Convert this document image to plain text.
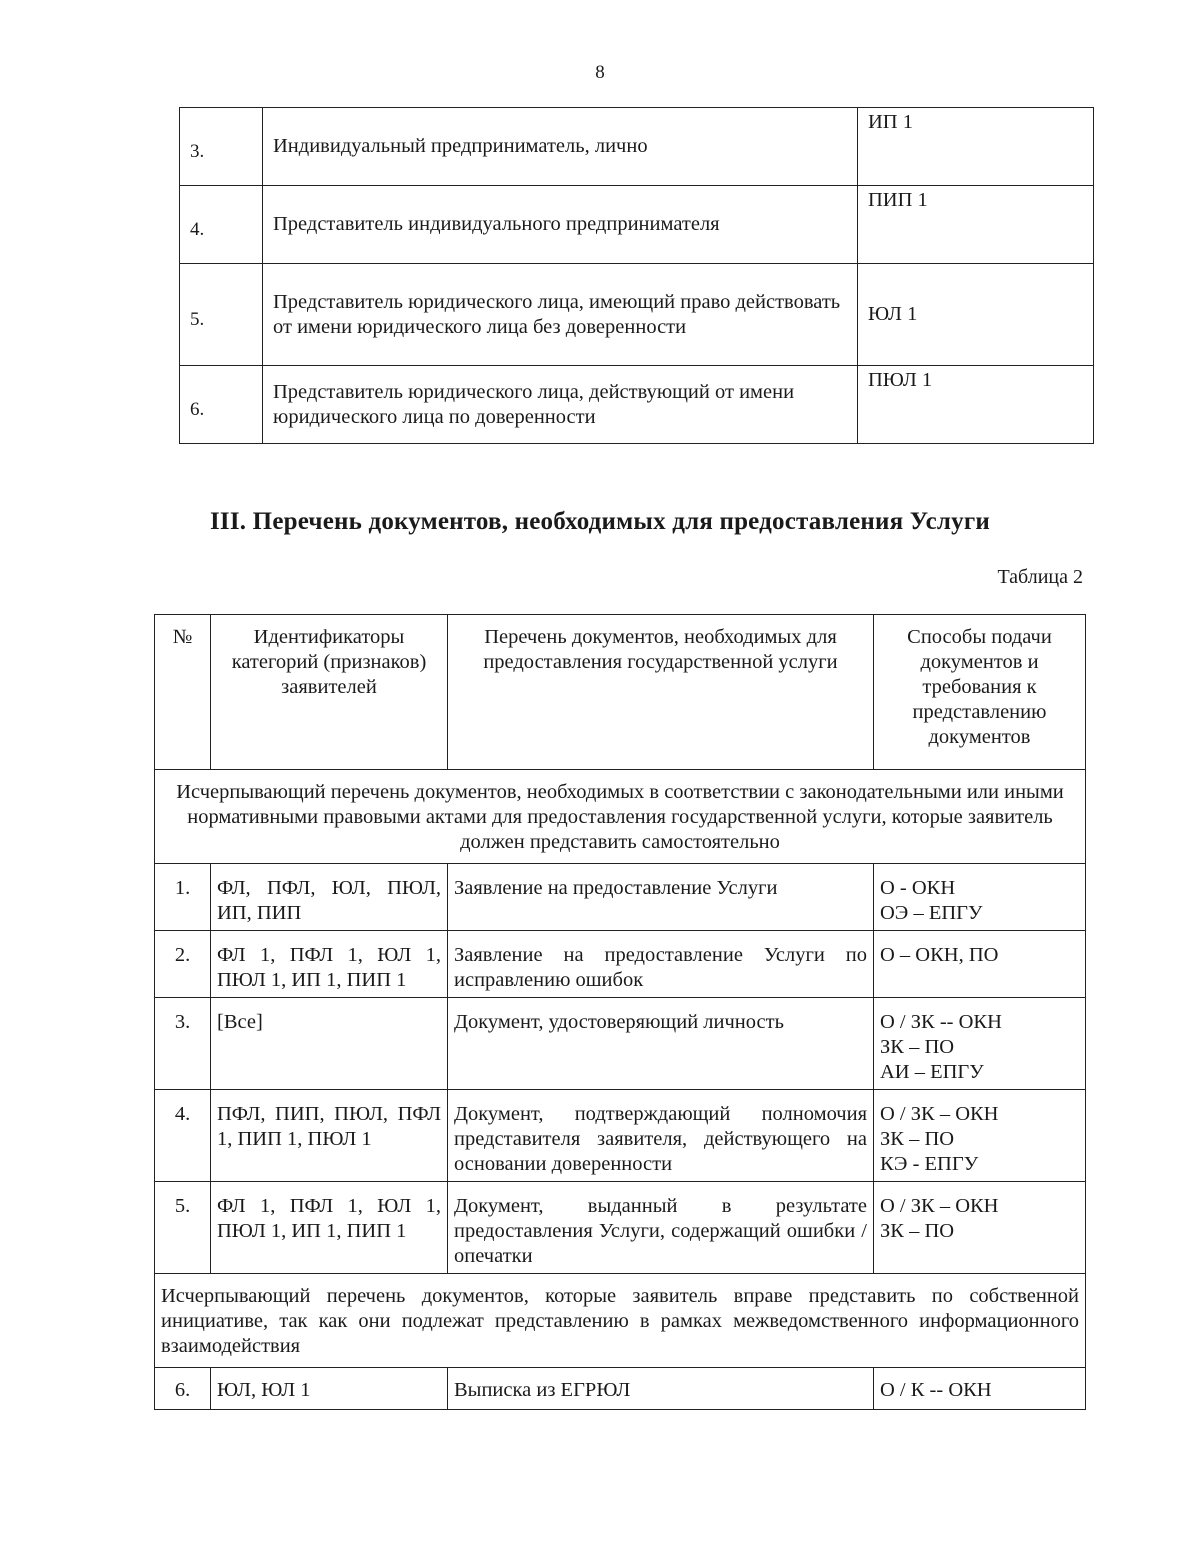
8
3.	Индивидуальный предприниматель, лично	ИП 1
4.	Представитель индивидуального предпринимателя	ПИП 1
5.	Представитель юридического лица, имеющий право действовать от имени юридического лица без доверенности	ЮЛ 1
6.	Представитель юридического лица, действующий от имени юридического лица по доверенности	ПЮЛ 1
III. Перечень документов, необходимых для предоставления Услуги
Таблица 2
№	Идентификаторы категорий (признаков) заявителей	Перечень документов, необходимых для предоставления государственной услуги	Способы подачи документов и требования к представлению документов
Исчерпывающий перечень документов, необходимых в соответствии с законодательными или иными нормативными правовыми актами для предоставления государственной услуги, которые заявитель должен представить самостоятельно			
1.	ФЛ, ПФЛ, ЮЛ, ПЮЛ, ИП, ПИП	Заявление на предоставление Услуги	О - ОКН
ОЭ – ЕПГУ

2.	ФЛ 1, ПФЛ 1, ЮЛ 1, ПЮЛ 1, ИП 1, ПИП 1	Заявление на предоставление Услуги по исправлению ошибок	О – ОКН, ПО

3.	[Все]	Документ, удостоверяющий личность	О / ЗК -- ОКН
ЗК – ПО
АИ – ЕПГУ

4.	ПФЛ, ПИП, ПЮЛ, ПФЛ 1, ПИП 1, ПЮЛ 1	Документ, подтверждающий полномочия представителя заявителя, действующего на основании доверенности	О / ЗК – ОКН
ЗК – ПО
КЭ - ЕПГУ

5.	ФЛ 1, ПФЛ 1, ЮЛ 1, ПЮЛ 1, ИП 1, ПИП 1	Документ, выданный в результате предоставления Услуги, содержащий ошибки / опечатки	О / ЗК – ОКН
ЗК – ПО

Исчерпывающий перечень документов, которые заявитель вправе представить по собственной инициативе, так как они подлежат представлению в рамках межведомственного информационного взаимодействия			
6.	ЮЛ, ЮЛ 1	Выписка из ЕГРЮЛ	О / К -- ОКН
